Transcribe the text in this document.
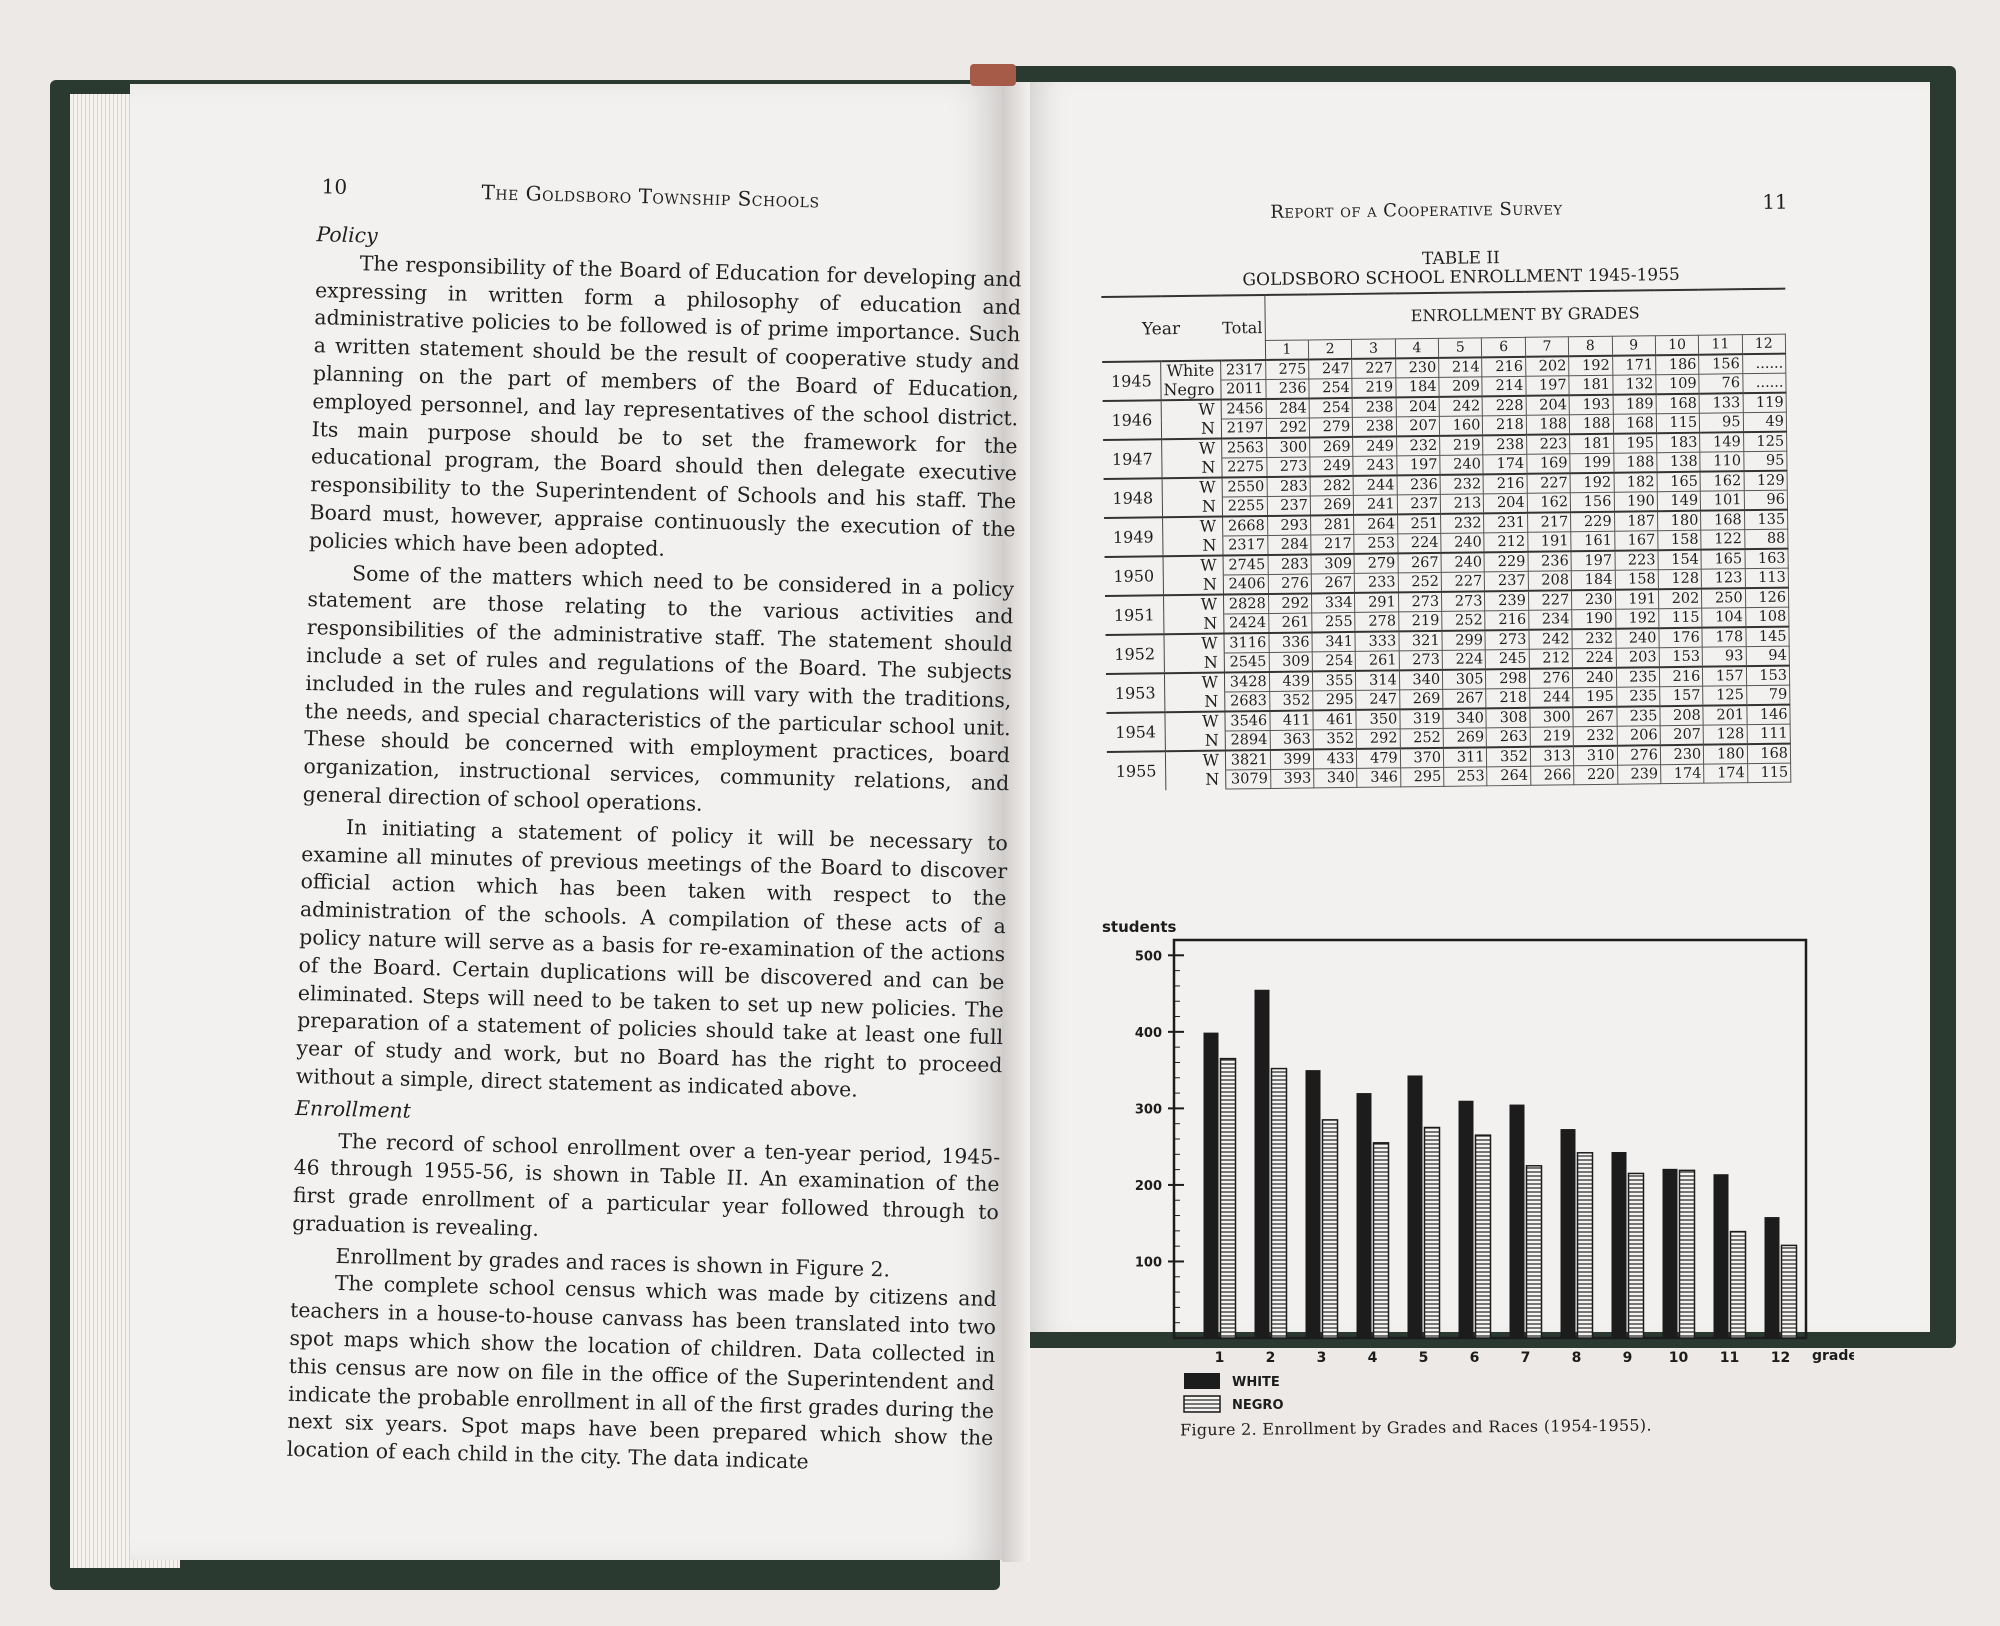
10	The Goldsboro Township Schools

Policy

The responsibility of the Board of Education for developing and expressing in written form a philosophy of education and administrative policies to be followed is of prime importance. Such a written statement should be the result of cooperative study and planning on the part of members of the Board of Education, employed personnel, and lay representatives of the school district. Its main purpose should be to set the framework for the educational program, the Board should then delegate executive responsibility to the Superintendent of Schools and his staff. The Board must, however, appraise continuously the execution of the policies which have been adopted.

Some of the matters which need to be considered in a policy statement are those relating to the various activities and responsibilities of the administrative staff. The statement should include a set of rules and regulations of the Board. The subjects included in the rules and regulations will vary with the traditions, the needs, and special characteristics of the particular school unit. These should be concerned with employment practices, board organization, instructional services, community relations, and general direction of school operations.

In initiating a statement of policy it will be necessary to examine all minutes of previous meetings of the Board to discover official action which has been taken with respect to the administration of the schools. A compilation of these acts of a policy nature will serve as a basis for re-examination of the actions of the Board. Certain duplications will be discovered and can be eliminated. Steps will need to be taken to set up new policies. The preparation of a statement of policies should take at least one full year of study and work, but no Board has the right to proceed without a simple, direct statement as indicated above.

Enrollment

The record of school enrollment over a ten-year period, 1945-46 through 1955-56, is shown in Table II. An examination of the first grade enrollment of a particular year followed through to graduation is revealing.

Enrollment by grades and races is shown in Figure 2.

The complete school census which was made by citizens and teachers in a house-to-house canvass has been translated into two spot maps which show the location of children. Data collected in this census are now on file in the office of the Superintendent and indicate the probable enrollment in all of the first grades during the next six years. Spot maps have been prepared which show the location of each child in the city. The data indicate

Report of a Cooperative Survey	11
TABLE II
GOLDSBORO SCHOOL ENROLLMENT 1945-1955
Year		Total	ENROLLMENT BY GRADES											
			1	2	3	4	5	6	7	8	9	10	11	12
1945	White	2317	275	247	227	230	214	216	202	192	171	186	156	......
	Negro	2011	236	254	219	184	209	214	197	181	132	109	76	......
1946	W	2456	284	254	238	204	242	228	204	193	189	168	133	119
	N	2197	292	279	238	207	160	218	188	188	168	115	95	49
1947	W	2563	300	269	249	232	219	238	223	181	195	183	149	125
	N	2275	273	249	243	197	240	174	169	199	188	138	110	95
1948	W	2550	283	282	244	236	232	216	227	192	182	165	162	129
	N	2255	237	269	241	237	213	204	162	156	190	149	101	96
1949	W	2668	293	281	264	251	232	231	217	229	187	180	168	135
	N	2317	284	217	253	224	240	212	191	161	167	158	122	88
1950	W	2745	283	309	279	267	240	229	236	197	223	154	165	163
	N	2406	276	267	233	252	227	237	208	184	158	128	123	113
1951	W	2828	292	334	291	273	273	239	227	230	191	202	250	126
	N	2424	261	255	278	219	252	216	234	190	192	115	104	108
1952	W	3116	336	341	333	321	299	273	242	232	240	176	178	145
	N	2545	309	254	261	273	224	245	212	224	203	153	93	94
1953	W	3428	439	355	314	340	305	298	276	240	235	216	157	153
	N	2683	352	295	247	269	267	218	244	195	235	157	125	79
1954	W	3546	411	461	350	319	340	308	300	267	235	208	201	146
	N	2894	363	352	292	252	269	263	219	232	206	207	128	111
1955	W	3821	399	433	479	370	311	352	313	310	276	230	180	168
	N	3079	393	340	346	295	253	264	266	220	239	174	174	115
students
100
200
300
400
500
1	2	3	4	5	6	7	8	9	10 11 12 grade
WHITE
NEGRO
Figure 2. Enrollment by Grades and Races (1954-1955).
